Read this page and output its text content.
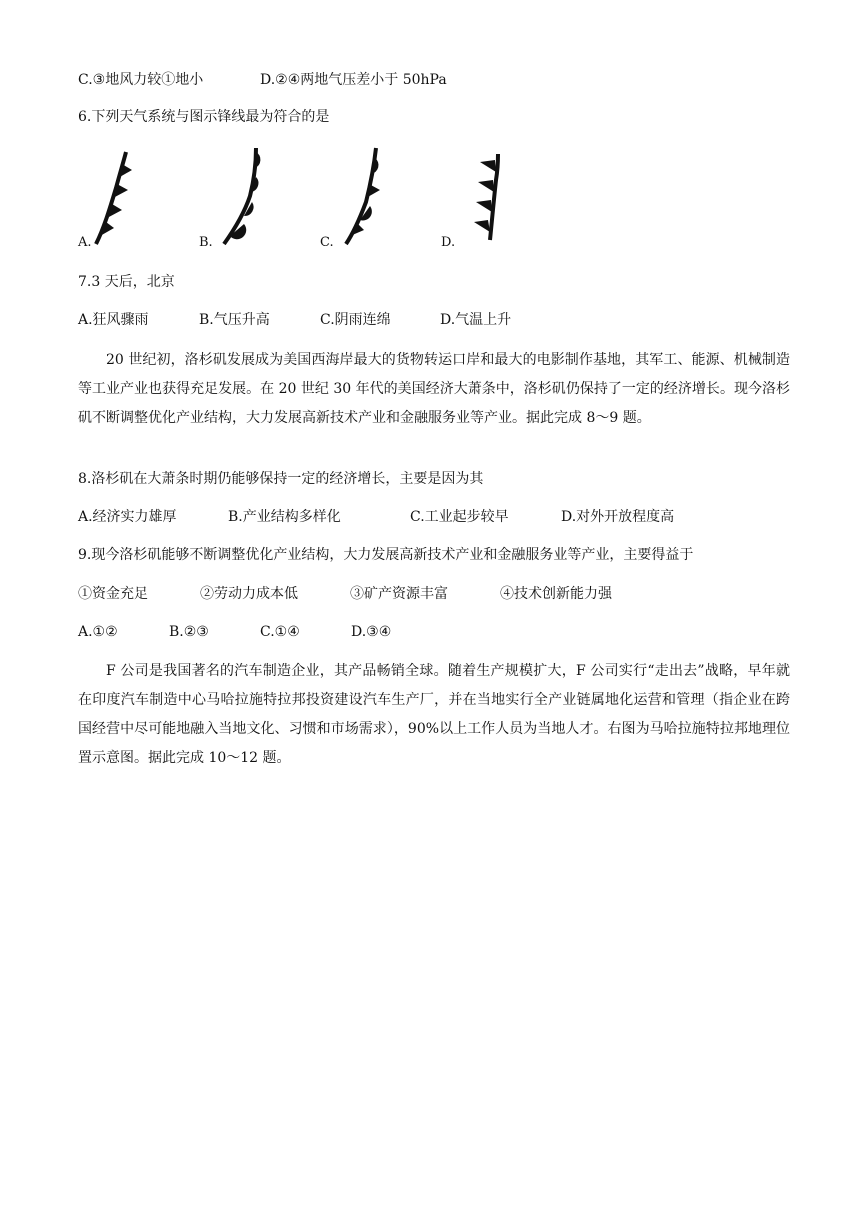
C.③地风力较①地小	D.②④两地气压差小于 50hPa
6.下列天气系统与图示锋线最为符合的是
A.	B.	C.	D.
7.3 天后，北京
A.狂风骤雨	B.气压升高	C.阴雨连绵	D.气温上升
20 世纪初，洛杉矶发展成为美国西海岸最大的货物转运口岸和最大的电影制作基地，其军工、能源、机械制造等工业产业也获得充足发展。在 20 世纪 30 年代的美国经济大萧条中，洛杉矶仍保持了一定的经济增长。现今洛杉矶不断调整优化产业结构，大力发展高新技术产业和金融服务业等产业。据此完成 8～9 题。
8.洛杉矶在大萧条时期仍能够保持一定的经济增长，主要是因为其
A.经济实力雄厚	B.产业结构多样化	C.工业起步较早	D.对外开放程度高
9.现今洛杉矶能够不断调整优化产业结构，大力发展高新技术产业和金融服务业等产业，主要得益于
①资金充足	②劳动力成本低	③矿产资源丰富	④技术创新能力强
A.①②	B.②③	C.①④	D.③④
F 公司是我国著名的汽车制造企业，其产品畅销全球。随着生产规模扩大，F 公司实行“走出去”战略，早年就在印度汽车制造中心马哈拉施特拉邦投资建设汽车生产厂，并在当地实行全产业链属地化运营和管理（指企业在跨国经营中尽可能地融入当地文化、习惯和市场需求），90%以上工作人员为当地人才。右图为马哈拉施特拉邦地理位置示意图。据此完成 10～12 题。
